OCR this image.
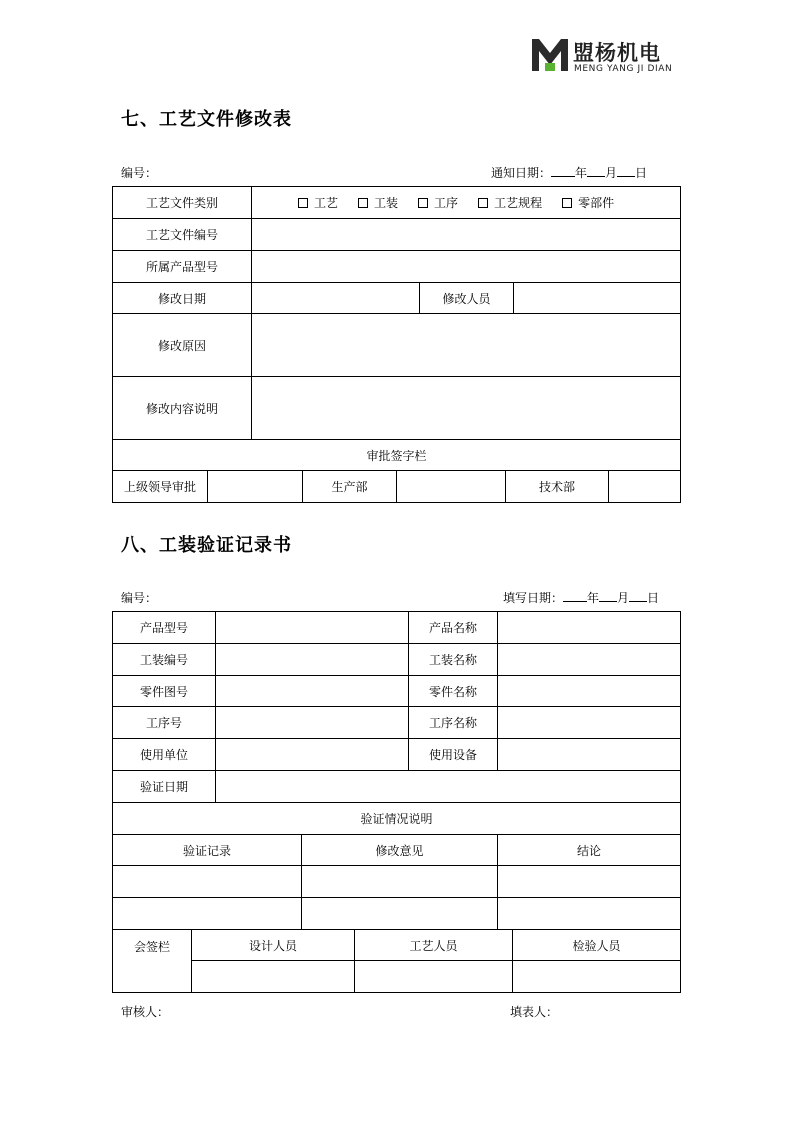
盟杨机电
MENG YANG JI DIAN
七、工艺文件修改表
编号：	通知日期： 年 月 日
工艺文件类别		工艺 工装 工序 工艺规程 零部件						
工艺文件编号								
所属产品型号								
修改日期					修改人员			
修改原因								
修改内容说明								
审批签字栏								
上级领导审批			生产部			技术部		
八、工装验证记录书
编号：	填写日期： 年 月 日
产品型号					产品名称		
工装编号					工装名称		
零件图号					零件名称		
工序号					工序名称		
使用单位					使用设备		
验证日期							
验证情况说明							
验证记录			修改意见			结论	

会签栏	设计人员			工艺人员			检验人员

审核人：	填表人：
